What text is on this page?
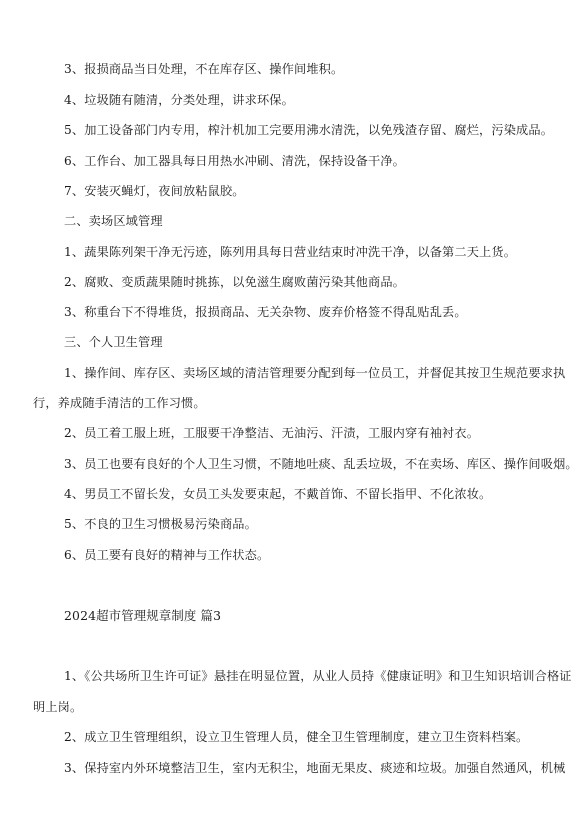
3、报损商品当日处理，不在库存区、操作间堆积。
4、垃圾随有随清，分类处理，讲求环保。
5、加工设备部门内专用，榨汁机加工完要用沸水清洗，以免残渣存留、腐烂，污染成品。
6、工作台、加工器具每日用热水冲刷、清洗，保持设备干净。
7、安装灭蝇灯，夜间放粘鼠胶。
二、卖场区域管理
1、蔬果陈列架干净无污迹，陈列用具每日营业结束时冲洗干净，以备第二天上货。
2、腐败、变质蔬果随时挑拣，以免滋生腐败菌污染其他商品。
3、称重台下不得堆货，报损商品、无关杂物、废弃价格签不得乱贴乱丢。
三、个人卫生管理
1、操作间、库存区、卖场区域的清洁管理要分配到每一位员工，并督促其按卫生规范要求执
行，养成随手清洁的工作习惯。
2、员工着工服上班，工服要干净整洁、无油污、汗渍，工服内穿有袖衬衣。
3、员工也要有良好的个人卫生习惯，不随地吐痰、乱丢垃圾，不在卖场、库区、操作间吸烟。
4、男员工不留长发，女员工头发要束起，不戴首饰、不留长指甲、不化浓妆。
5、不良的卫生习惯极易污染商品。
6、员工要有良好的精神与工作状态。
2024超市管理规章制度 篇3
1、《公共场所卫生许可证》悬挂在明显位置，从业人员持《健康证明》和卫生知识培训合格证
明上岗。
2、成立卫生管理组织，设立卫生管理人员，健全卫生管理制度，建立卫生资料档案。
3、保持室内外环境整洁卫生，室内无积尘，地面无果皮、痰迹和垃圾。加强自然通风，机械
